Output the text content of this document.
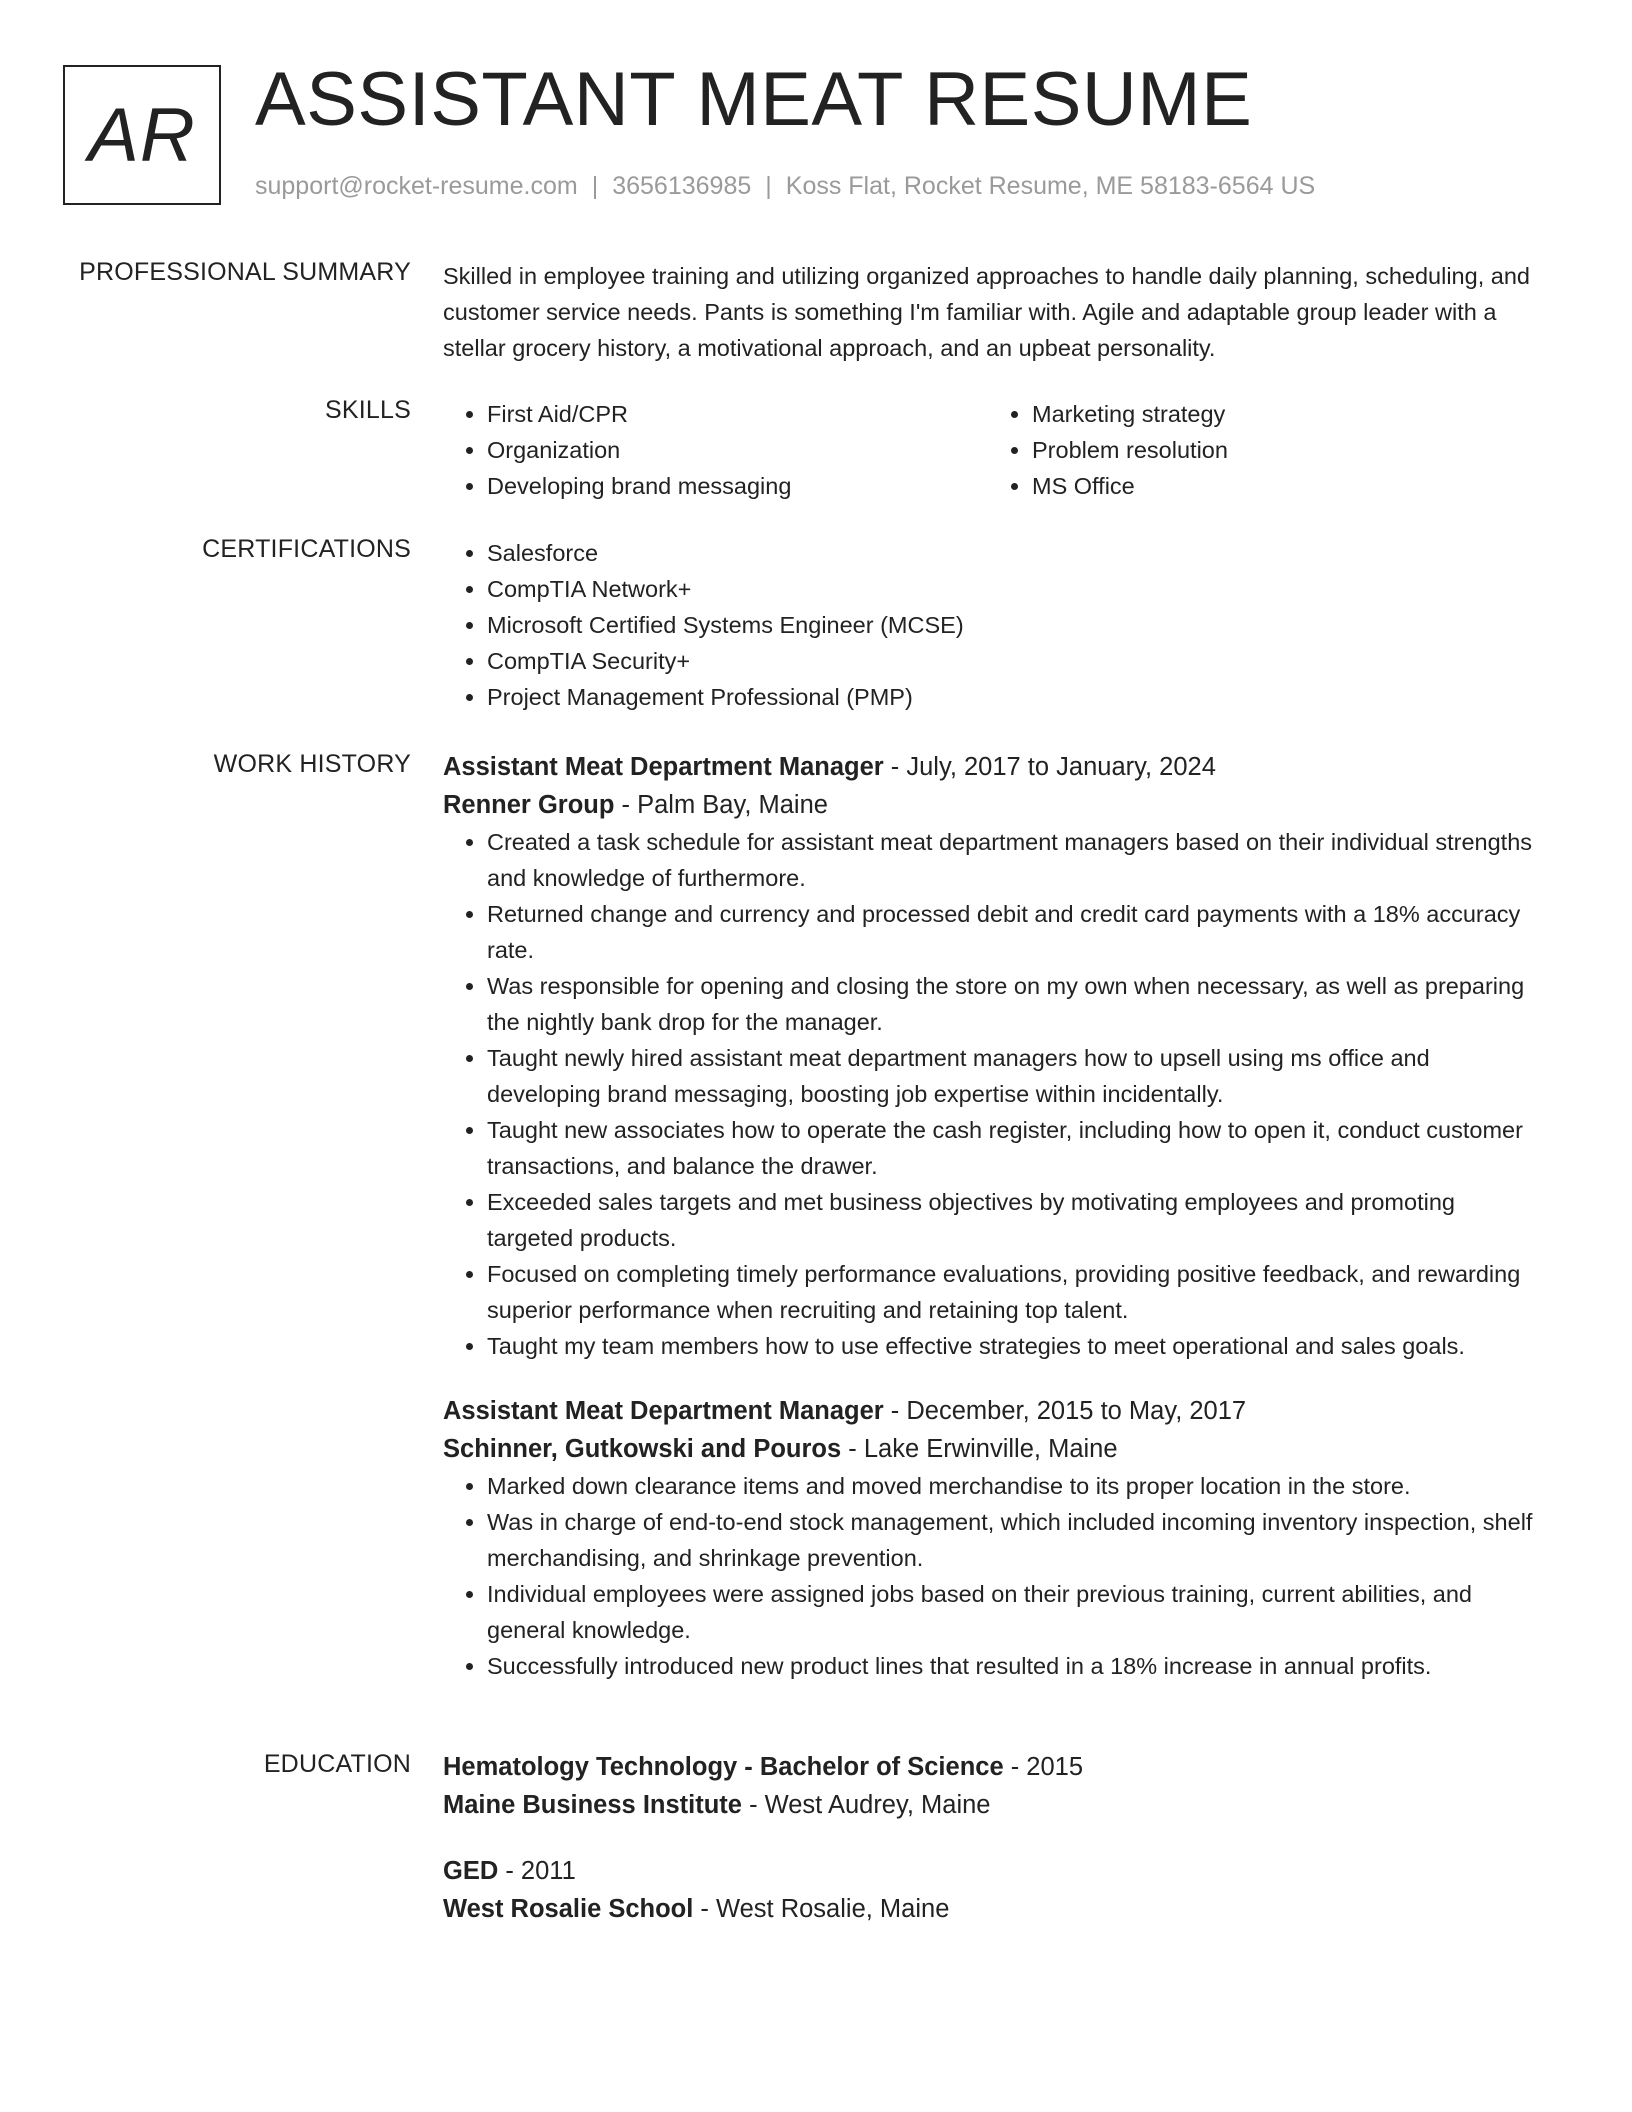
AR ASSISTANT MEAT RESUME
support@rocket-resume.com | 3656136985 | Koss Flat, Rocket Resume, ME 58183-6564 US
PROFESSIONAL SUMMARY Skilled in employee training and utilizing organized approaches to handle daily planning, scheduling, and customer service needs. Pants is something I'm familiar with. Agile and adaptable group leader with a stellar grocery history, a motivational approach, and an upbeat personality.

SKILLS	• First Aid/CPR
• Organization
• Developing brand messaging
• Marketing strategy
• Problem resolution
• MS Office
CERTIFICATIONS	• Salesforce
• CompTIA Network+
• Microsoft Certified Systems Engineer (MCSE)
• CompTIA Security+
• Project Management Professional (PMP)
WORK HISTORY Assistant Meat Department Manager - July, 2017 to January, 2024
Renner Group - Palm Bay, Maine
• Created a task schedule for assistant meat department managers based on their individual strengths and knowledge of furthermore.
• Returned change and currency and processed debit and credit card payments with a 18% accuracy rate.
• Was responsible for opening and closing the store on my own when necessary, as well as preparing the nightly bank drop for the manager.
• Taught newly hired assistant meat department managers how to upsell using ms office and developing brand messaging, boosting job expertise within incidentally.
• Taught new associates how to operate the cash register, including how to open it, conduct customer transactions, and balance the drawer.
• Exceeded sales targets and met business objectives by motivating employees and promoting targeted products.
• Focused on completing timely performance evaluations, providing positive feedback, and rewarding superior performance when recruiting and retaining top talent.
• Taught my team members how to use effective strategies to meet operational and sales goals.
Assistant Meat Department Manager - December, 2015 to May, 2017
Schinner, Gutkowski and Pouros - Lake Erwinville, Maine
• Marked down clearance items and moved merchandise to its proper location in the store.
• Was in charge of end-to-end stock management, which included incoming inventory inspection, shelf merchandising, and shrinkage prevention.
• Individual employees were assigned jobs based on their previous training, current abilities, and general knowledge.
• Successfully introduced new product lines that resulted in a 18% increase in annual profits.
EDUCATION Hematology Technology - Bachelor of Science - 2015
Maine Business Institute - West Audrey, Maine
GED - 2011
West Rosalie School - West Rosalie, Maine
